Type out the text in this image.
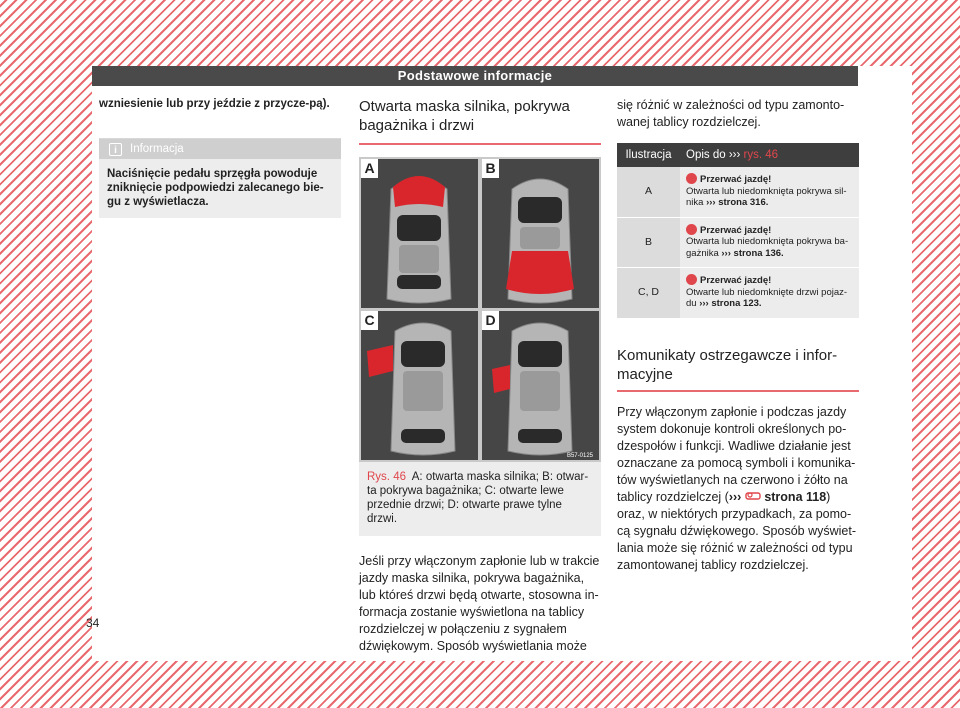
Podstawowe informacje
wzniesienie lub przy jeździe z przycze-pą).
i	Informacja
Naciśnięcie pedału sprzęgła powoduje zniknięcie podpowiedzi zalecanego bie-gu z wyświetlacza.
Otwarta maska silnika, pokrywa bagażnika i drzwi
A	B
C	D
B57-0125
Rys. 46 A: otwarta maska silnika; B: otwar-ta pokrywa bagażnika; C: otwarte lewe przednie drzwi; D: otwarte prawe tylne drzwi.
Jeśli przy włączonym zapłonie lub w trakcie jazdy maska silnika, pokrywa bagażnika, lub któreś drzwi będą otwarte, stosowna in-formacja zostanie wyświetlona na tablicy rozdzielczej w połączeniu z sygnałem dźwiękowym. Sposób wyświetlania może
się różnić w zależności od typu zamonto-wanej tablicy rozdzielczej.
Ilustracja	Opis do ››› rys. 46
A	Przerwać jazdę!
Otwarta lub niedomknięta pokrywa sil-nika ››› strona 316.
B	Przerwać jazdę!
Otwarta lub niedomknięta pokrywa ba-gażnika ››› strona 136.
C, D	Przerwać jazdę!
Otwarte lub niedomknięte drzwi pojaz-du ››› strona 123.
Komunikaty ostrzegawcze i infor-macyjne
Przy włączonym zapłonie i podczas jazdy system dokonuje kontroli określonych po-dzespołów i funkcji. Wadliwe działanie jest oznaczane za pomocą symboli i komunika-tów wyświetlanych na czerwono i żółto na tablicy rozdzielczej (››› strona 118) oraz, w niektórych przypadkach, za pomo-cą sygnału dźwiękowego. Sposób wyświet-lania może się różnić w zależności od typu zamontowanej tablicy rozdzielczej.
34
